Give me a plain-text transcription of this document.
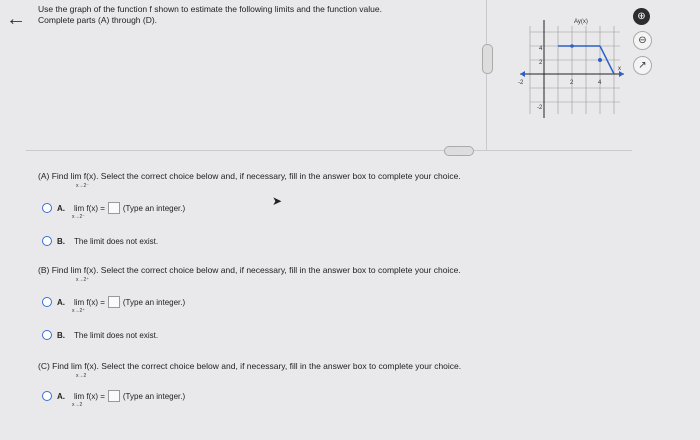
← Use the graph of the function f shown to estimate the following limits and the function value.
Complete parts (A) through (D).	Ay(x)
4
2
-2
-2	2	4
x
⊕
⊖
↗
(A) Find lim f(x). Select the correct choice below and, if necessary, fill in the answer box to complete your choice.
x→2⁻
A. lim f(x) = (Type an integer.)
x→2⁻
B. The limit does not exist.
(B) Find lim f(x). Select the correct choice below and, if necessary, fill in the answer box to complete your choice.
x→2⁺
A. lim f(x) = (Type an integer.)
x→2⁺
B. The limit does not exist.
(C) Find lim f(x). Select the correct choice below and, if necessary, fill in the answer box to complete your choice.
x→2
A. lim f(x) = (Type an integer.)
x→2
➤
